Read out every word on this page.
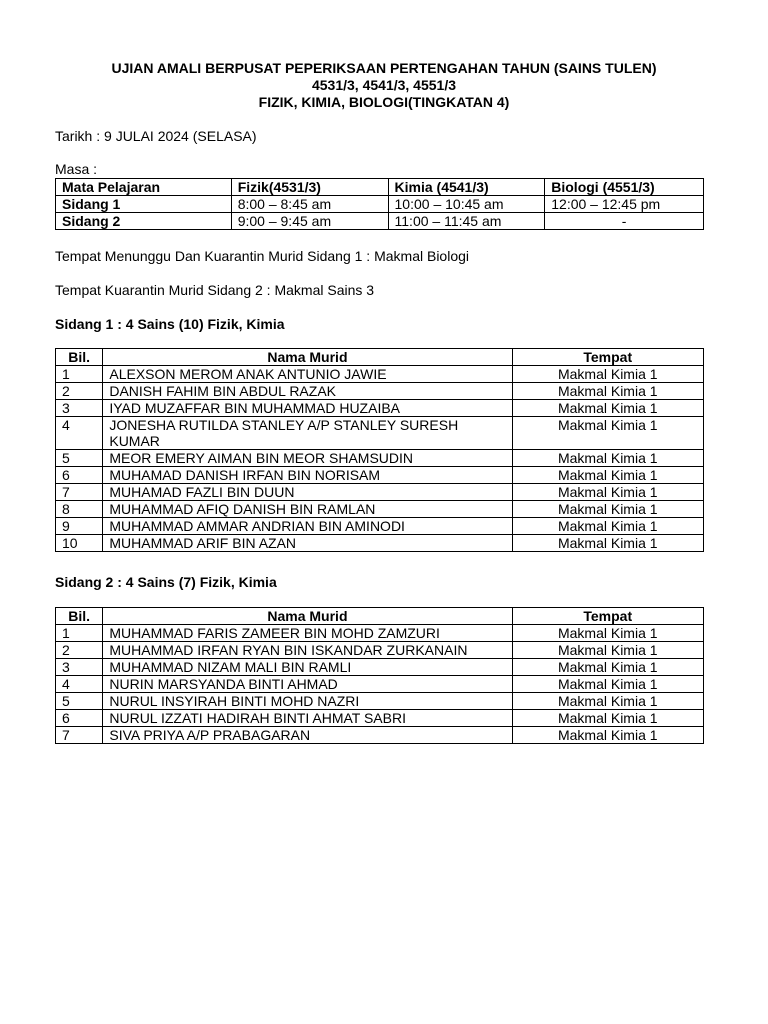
UJIAN AMALI BERPUSAT PEPERIKSAAN PERTENGAHAN TAHUN (SAINS TULEN)
4531/3, 4541/3, 4551/3
FIZIK, KIMIA, BIOLOGI(TINGKATAN 4)
Tarikh : 9 JULAI 2024 (SELASA)
Masa :
Mata Pelajaran	Fizik(4531/3)	Kimia (4541/3)	Biologi (4551/3)
Sidang 1	8:00 – 8:45 am	10:00 – 10:45 am	12:00 – 12:45 pm
Sidang 2	9:00 – 9:45 am	11:00 – 11:45 am	-
Tempat Menunggu Dan Kuarantin Murid Sidang 1 : Makmal Biologi
Tempat Kuarantin Murid Sidang 2 : Makmal Sains 3
Sidang 1 : 4 Sains (10) Fizik, Kimia
Bil.	Nama Murid	Tempat
1	ALEXSON MEROM ANAK ANTUNIO JAWIE	Makmal Kimia 1
2	DANISH FAHIM BIN ABDUL RAZAK	Makmal Kimia 1
3	IYAD MUZAFFAR BIN MUHAMMAD HUZAIBA	Makmal Kimia 1
4	JONESHA RUTILDA STANLEY A/P STANLEY SURESH KUMAR	Makmal Kimia 1
5	MEOR EMERY AIMAN BIN MEOR SHAMSUDIN	Makmal Kimia 1
6	MUHAMAD DANISH IRFAN BIN NORISAM	Makmal Kimia 1
7	MUHAMAD FAZLI BIN DUUN	Makmal Kimia 1
8	MUHAMMAD AFIQ DANISH BIN RAMLAN	Makmal Kimia 1
9	MUHAMMAD AMMAR ANDRIAN BIN AMINODI	Makmal Kimia 1
10	MUHAMMAD ARIF BIN AZAN	Makmal Kimia 1
Sidang 2 : 4 Sains (7) Fizik, Kimia
Bil.	Nama Murid	Tempat
1	MUHAMMAD FARIS ZAMEER BIN MOHD ZAMZURI	Makmal Kimia 1
2	MUHAMMAD IRFAN RYAN BIN ISKANDAR ZURKANAIN	Makmal Kimia 1
3	MUHAMMAD NIZAM MALI BIN RAMLI	Makmal Kimia 1
4	NURIN MARSYANDA BINTI AHMAD	Makmal Kimia 1
5	NURUL INSYIRAH BINTI MOHD NAZRI	Makmal Kimia 1
6	NURUL IZZATI HADIRAH BINTI AHMAT SABRI	Makmal Kimia 1
7	SIVA PRIYA A/P PRABAGARAN	Makmal Kimia 1
